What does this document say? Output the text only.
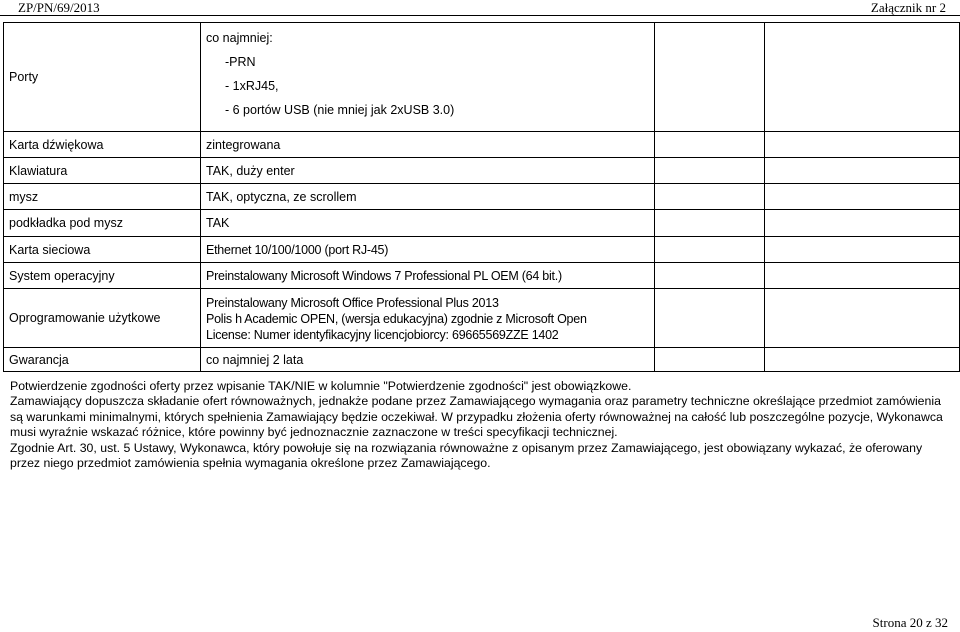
ZP/PN/69/2013	Załącznik nr 2
Porty	co najmniej:
-PRN
- 1xRJ45,
- 6 portów USB (nie mniej jak 2xUSB 3.0)		

Karta dźwiękowa	zintegrowana		
Klawiatura	TAK, duży enter		
mysz	TAK, optyczna, ze scrollem		
podkładka pod mysz	TAK		
Karta sieciowa	Ethernet 10/100/1000 (port RJ-45)		
System operacyjny	Preinstalowany Microsoft Windows 7 Professional PL OEM (64 bit.)		
Oprogramowanie użytkowe	Preinstalowany Microsoft Office Professional Plus 2013
Polis h Academic OPEN, (wersja edukacyjna) zgodnie z Microsoft Open
License: Numer identyfikacyjny licencjobiorcy: 69665569ZZE 1402		

Gwarancja	co najmniej 2 lata		

Potwierdzenie zgodności oferty przez wpisanie TAK/NIE w kolumnie "Potwierdzenie zgodności" jest obowiązkowe.

Zamawiający dopuszcza składanie ofert równoważnych, jednakże podane przez Zamawiającego wymagania oraz parametry techniczne określające przedmiot zamówienia są warunkami minimalnymi, których spełnienia Zamawiający będzie oczekiwał. W przypadku złożenia oferty równoważnej na całość lub poszczególne pozycje, Wykonawca musi wyraźnie wskazać różnice, które powinny być jednoznacznie zaznaczone w treści specyfikacji technicznej.

Zgodnie Art. 30, ust. 5 Ustawy, Wykonawca, który powołuje się na rozwiązania równoważne z opisanym przez Zamawiającego, jest obowiązany wykazać, że oferowany przez niego przedmiot zamówienia spełnia wymagania określone przez Zamawiającego.

Strona 20 z 32
